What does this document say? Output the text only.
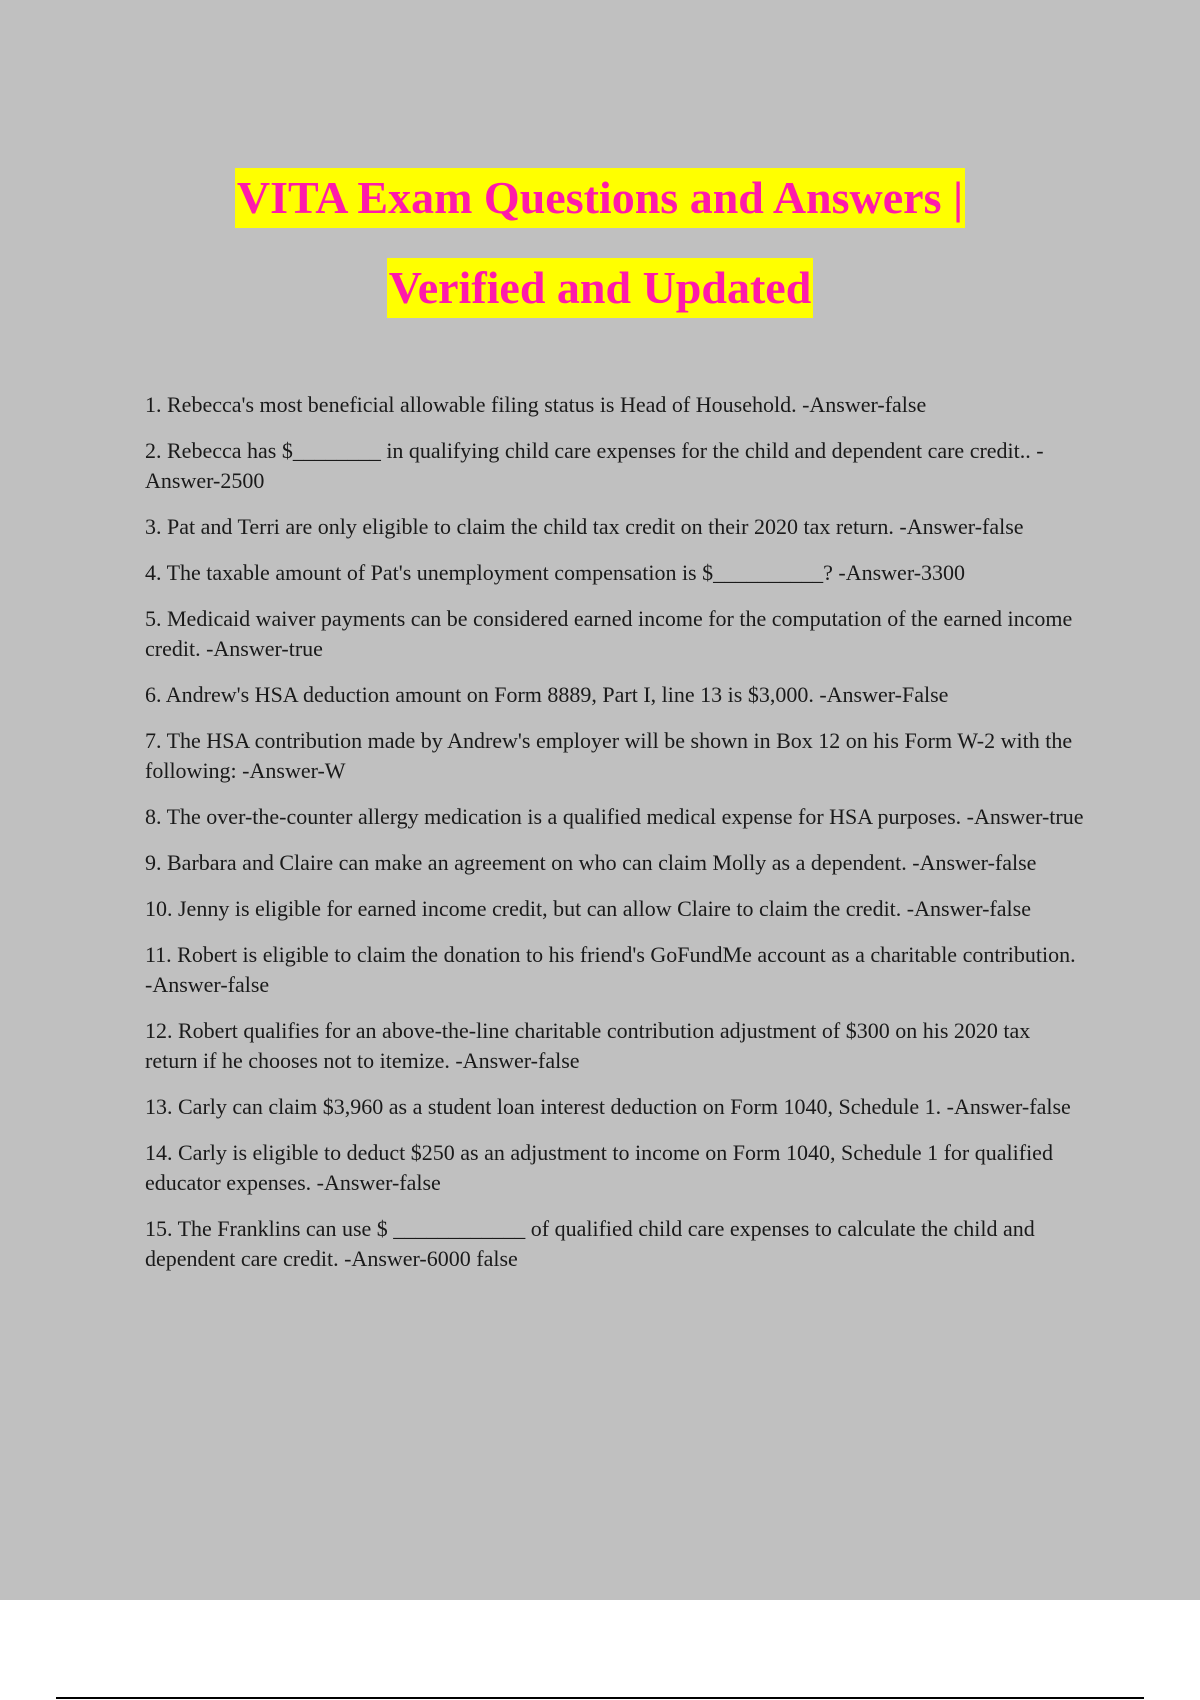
VITA Exam Questions and Answers |
Verified and Updated
1. Rebecca's most beneficial allowable filing status is Head of Household. -Answer-false
2. Rebecca has $________ in qualifying child care expenses for the child and dependent care credit.. -Answer-2500
3. Pat and Terri are only eligible to claim the child tax credit on their 2020 tax return. -Answer-false
4. The taxable amount of Pat's unemployment compensation is $__________? -Answer-3300
5. Medicaid waiver payments can be considered earned income for the computation of the earned income credit. -Answer-true
6. Andrew's HSA deduction amount on Form 8889, Part I, line 13 is $3,000. -Answer-False
7. The HSA contribution made by Andrew's employer will be shown in Box 12 on his Form W-2 with the following: -Answer-W
8. The over-the-counter allergy medication is a qualified medical expense for HSA purposes. -Answer-true
9. Barbara and Claire can make an agreement on who can claim Molly as a dependent. -Answer-false
10. Jenny is eligible for earned income credit, but can allow Claire to claim the credit. -Answer-false
11. Robert is eligible to claim the donation to his friend's GoFundMe account as a charitable contribution. -Answer-false
12. Robert qualifies for an above-the-line charitable contribution adjustment of $300 on his 2020 tax return if he chooses not to itemize. -Answer-false
13. Carly can claim $3,960 as a student loan interest deduction on Form 1040, Schedule 1. -Answer-false
14. Carly is eligible to deduct $250 as an adjustment to income on Form 1040, Schedule 1 for qualified educator expenses. -Answer-false
15. The Franklins can use $ ____________ of qualified child care expenses to calculate the child and dependent care credit. -Answer-6000 false
